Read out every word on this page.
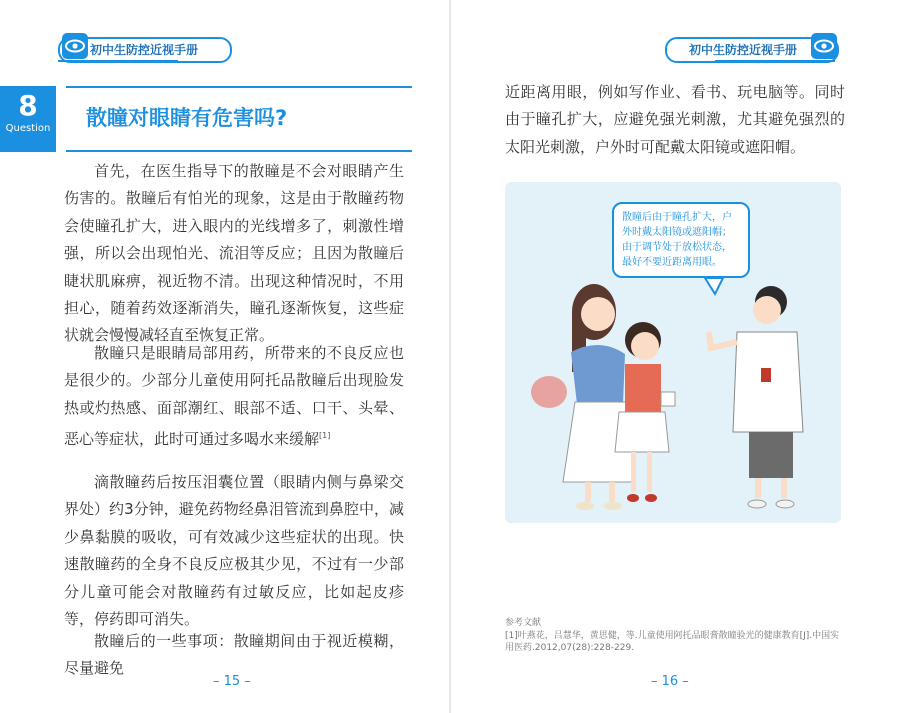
初中生防控近视手册	初中生防控近视手册
8
Question 散瞳对眼睛有危害吗?

首先，在医生指导下的散瞳是不会对眼睛产生伤害的。散瞳后有怕光的现象，这是由于散瞳药物会使瞳孔扩大，进入眼内的光线增多了，刺激性增强，所以会出现怕光、流泪等反应；且因为散瞳后睫状肌麻痹，视近物不清。出现这种情况时，不用担心，随着药效逐渐消失，瞳孔逐渐恢复，这些症状就会慢慢减轻直至恢复正常。

散瞳只是眼睛局部用药，所带来的不良反应也是很少的。少部分儿童使用阿托品散瞳后出现脸发热或灼热感、面部潮红、眼部不适、口干、头晕、恶心等症状，此时可通过多喝水来缓解[1]

滴散瞳药后按压泪囊位置（眼睛内侧与鼻梁交界处）约3分钟，避免药物经鼻泪管流到鼻腔中，减少鼻黏膜的吸收，可有效减少这些症状的出现。快速散瞳药的全身不良反应极其少见，不过有一少部分儿童可能会对散瞳药有过敏反应，比如起皮疹等，停药即可消失。

散瞳后的一些事项：散瞳期间由于视近模糊，尽量避免

近距离用眼，例如写作业、看书、玩电脑等。同时由于瞳孔扩大，应避免强光刺激，尤其避免强烈的太阳光刺激，户外时可配戴太阳镜或遮阳帽。

散瞳后由于瞳孔扩大，户
外时戴太阳镜或遮阳帽；
由于调节处于放松状态，
最好不要近距离用眼。
参考文献
[1]叶燕花，吕慧华，黄思健，等.儿童使用阿托品眼膏散瞳验光的健康教育[J].中国实用医药.2012,07(28):228-229.
– 15 –	– 16 –
